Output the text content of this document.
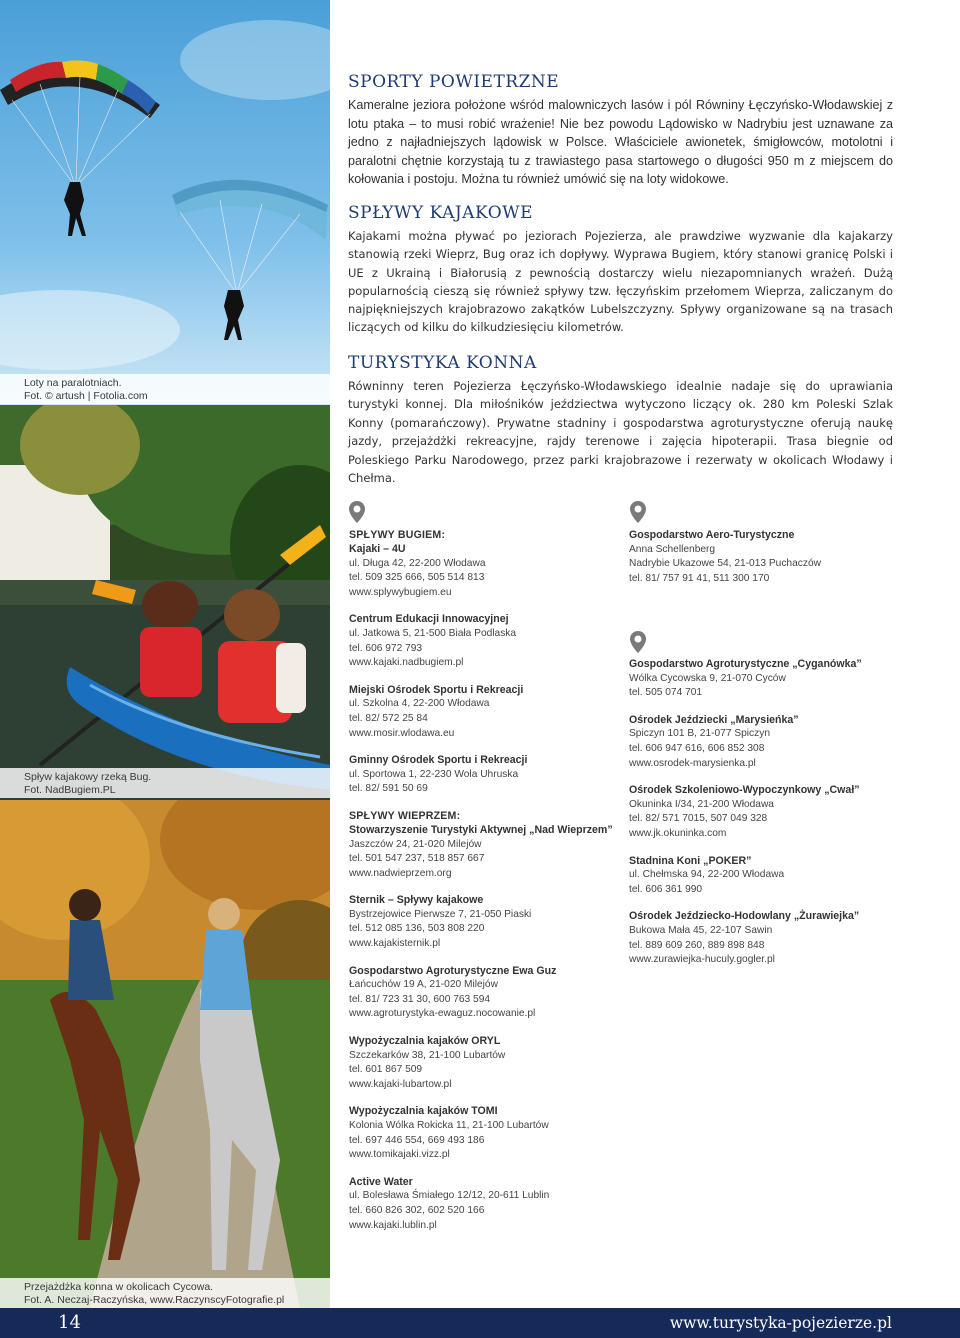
Loty na paralotniach.
Fot. © artush | Fotolia.com
Spływ kajakowy rzeką Bug.
Fot. NadBugiem.PL
Przejażdżka konna w okolicach Cycowa.
Fot. A. Neczaj-Raczyńska, www.RaczynscyFotografie.pl
SPORTY POWIETRZNE

Kameralne jeziora położone wśród malowniczych lasów i pól Równiny Łęczyńsko-Włodawskiej z lotu ptaka – to musi robić wrażenie! Nie bez powodu Lądowisko w Nadrybiu jest uznawane za jedno z najładniejszych lądowisk w Polsce. Właściciele awionetek, śmigłowców, motolotni i paralotni chętnie korzystają tu z trawiastego pasa startowego o długości 950 m z miejscem do kołowania i postoju. Można tu również umówić się na loty widokowe.

SPŁYWY KAJAKOWE

Kajakami można pływać po jeziorach Pojezierza, ale prawdziwe wyzwanie dla kajakarzy stanowią rzeki Wieprz, Bug oraz ich dopływy. Wyprawa Bugiem, który stanowi granicę Polski i UE z Ukrainą i Białorusią z pewnością dostarczy wielu niezapomnianych wrażeń. Dużą popularnością cieszą się również spływy tzw. łęczyńskim przełomem Wieprza, zaliczanym do najpiękniejszych krajobrazowo zakątków Lubelszczyzny. Spływy organizowane są na trasach liczących od kilku do kilkudziesięciu kilometrów.

TURYSTYKA KONNA

Równinny teren Pojezierza Łęczyńsko-Włodawskiego idealnie nadaje się do uprawiania turystyki konnej. Dla miłośników jeździectwa wytyczono liczący ok. 280 km Poleski Szlak Konny (pomarańczowy). Prywatne stadniny i gospodarstwa agroturystyczne oferują naukę jazdy, przejażdżki rekreacyjne, rajdy terenowe i zajęcia hipoterapii. Trasa biegnie od Poleskiego Parku Narodowego, przez parki krajobrazowe i rezerwaty w okolicach Włodawy i Chełma.

SPŁYWY BUGIEM:
Kajaki – 4U
ul. Długa 42, 22-200 Włodawa
tel. 509 325 666, 505 514 813
www.splywybugiem.eu
Centrum Edukacji Innowacyjnej
ul. Jatkowa 5, 21-500 Biała Podlaska
tel. 606 972 793
www.kajaki.nadbugiem.pl
Miejski Ośrodek Sportu i Rekreacji
ul. Szkolna 4, 22-200 Włodawa
tel. 82/ 572 25 84
www.mosir.wlodawa.eu
Gminny Ośrodek Sportu i Rekreacji
ul. Sportowa 1, 22-230 Wola Uhruska
tel. 82/ 591 50 69
SPŁYWY WIEPRZEM:
Stowarzyszenie Turystyki Aktywnej „Nad Wieprzem”
Jaszczów 24, 21-020 Milejów
tel. 501 547 237, 518 857 667
www.nadwieprzem.org
Sternik – Spływy kajakowe
Bystrzejowice Pierwsze 7, 21-050 Piaski
tel. 512 085 136, 503 808 220
www.kajakisternik.pl
Gospodarstwo Agroturystyczne Ewa Guz
Łańcuchów 19 A, 21-020 Milejów
tel. 81/ 723 31 30, 600 763 594
www.agroturystyka-ewaguz.nocowanie.pl
Wypożyczalnia kajaków ORYL
Szczekarków 38, 21-100 Lubartów
tel. 601 867 509
www.kajaki-lubartow.pl
Wypożyczalnia kajaków TOMI
Kolonia Wólka Rokicka 11, 21-100 Lubartów
tel. 697 446 554, 669 493 186
www.tomikajaki.vizz.pl
Active Water
ul. Bolesława Śmiałego 12/12, 20-611 Lublin
tel. 660 826 302, 602 520 166
www.kajaki.lublin.pl
Gospodarstwo Aero-Turystyczne
Anna Schellenberg
Nadrybie Ukazowe 54, 21-013 Puchaczów
tel. 81/ 757 91 41, 511 300 170
Gospodarstwo Agroturystyczne „Cyganówka”
Wólka Cycowska 9, 21-070 Cyców
tel. 505 074 701
Ośrodek Jeździecki „Marysieńka”
Spiczyn 101 B, 21-077 Spiczyn
tel. 606 947 616, 606 852 308
www.osrodek-marysienka.pl
Ośrodek Szkoleniowo-Wypoczynkowy „Cwał”
Okuninka I/34, 21-200 Włodawa
tel. 82/ 571 7015, 507 049 328
www.jk.okuninka.com
Stadnina Koni „POKER”
ul. Chełmska 94, 22-200 Włodawa
tel. 606 361 990
Ośrodek Jeździecko-Hodowlany „Żurawiejka”
Bukowa Mała 45, 22-107 Sawin
tel. 889 609 260, 889 898 848
www.zurawiejka-huculy.gogler.pl
14	www.turystyka-pojezierze.pl
